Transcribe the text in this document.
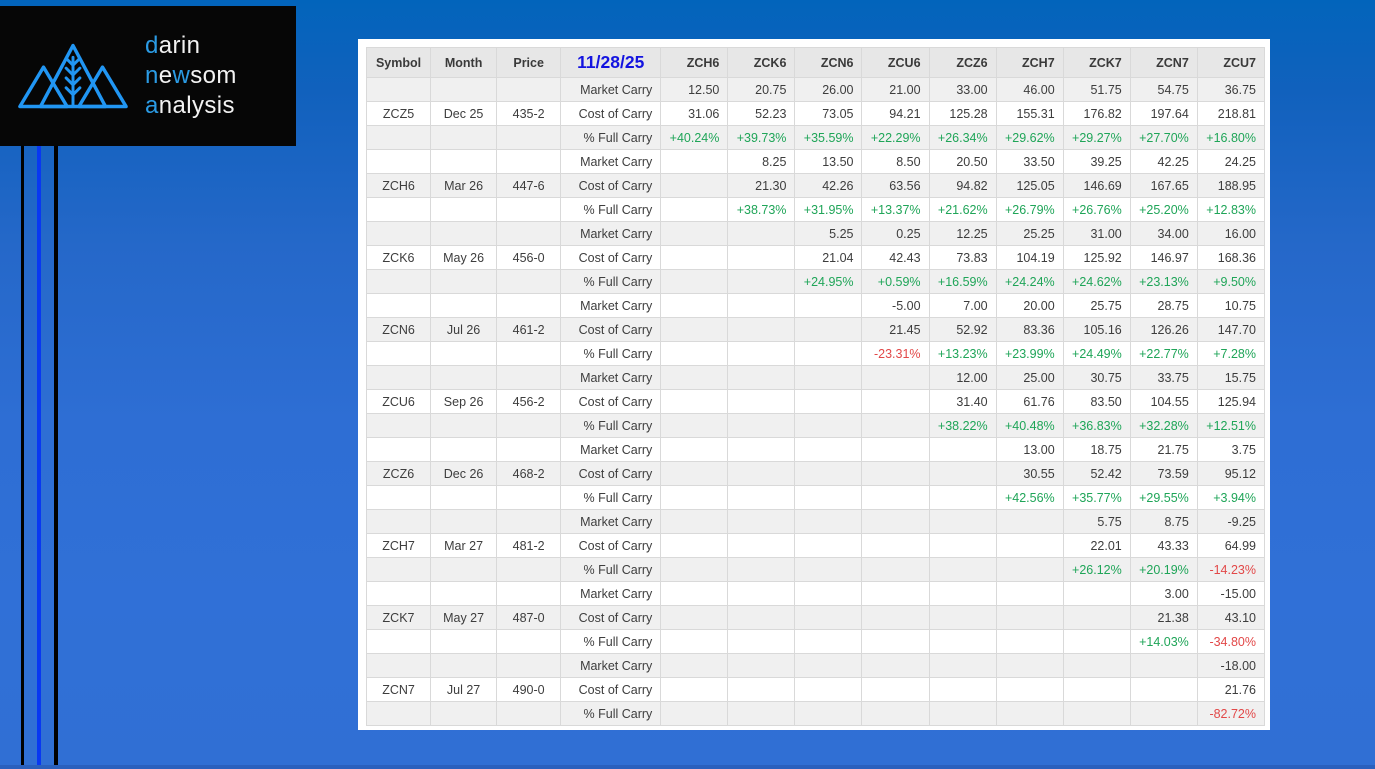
darin
newsom
analysis
Symbol	Month	Price	11/28/25	ZCH6	ZCK6	ZCN6	ZCU6	ZCZ6	ZCH7	ZCK7	ZCN7	ZCU7
			Market Carry	12.50	20.75	26.00	21.00	33.00	46.00	51.75	54.75	36.75
ZCZ5	Dec 25	435-2	Cost of Carry	31.06	52.23	73.05	94.21	125.28	155.31	176.82	197.64	218.81
			% Full Carry	+40.24%	+39.73%	+35.59%	+22.29%	+26.34%	+29.62%	+29.27%	+27.70%	+16.80%
			Market Carry		8.25	13.50	8.50	20.50	33.50	39.25	42.25	24.25
ZCH6	Mar 26	447-6	Cost of Carry		21.30	42.26	63.56	94.82	125.05	146.69	167.65	188.95
			% Full Carry		+38.73%	+31.95%	+13.37%	+21.62%	+26.79%	+26.76%	+25.20%	+12.83%
			Market Carry			5.25	0.25	12.25	25.25	31.00	34.00	16.00
ZCK6	May 26	456-0	Cost of Carry			21.04	42.43	73.83	104.19	125.92	146.97	168.36
			% Full Carry			+24.95%	+0.59%	+16.59%	+24.24%	+24.62%	+23.13%	+9.50%
			Market Carry				-5.00	7.00	20.00	25.75	28.75	10.75
ZCN6	Jul 26	461-2	Cost of Carry				21.45	52.92	83.36	105.16	126.26	147.70
			% Full Carry				-23.31%	+13.23%	+23.99%	+24.49%	+22.77%	+7.28%
			Market Carry					12.00	25.00	30.75	33.75	15.75
ZCU6	Sep 26	456-2	Cost of Carry					31.40	61.76	83.50	104.55	125.94
			% Full Carry					+38.22%	+40.48%	+36.83%	+32.28%	+12.51%
			Market Carry						13.00	18.75	21.75	3.75
ZCZ6	Dec 26	468-2	Cost of Carry						30.55	52.42	73.59	95.12
			% Full Carry						+42.56%	+35.77%	+29.55%	+3.94%
			Market Carry							5.75	8.75	-9.25
ZCH7	Mar 27	481-2	Cost of Carry							22.01	43.33	64.99
			% Full Carry							+26.12%	+20.19%	-14.23%
			Market Carry								3.00	-15.00
ZCK7	May 27	487-0	Cost of Carry								21.38	43.10
			% Full Carry								+14.03%	-34.80%
			Market Carry									-18.00
ZCN7	Jul 27	490-0	Cost of Carry									21.76
			% Full Carry									-82.72%
